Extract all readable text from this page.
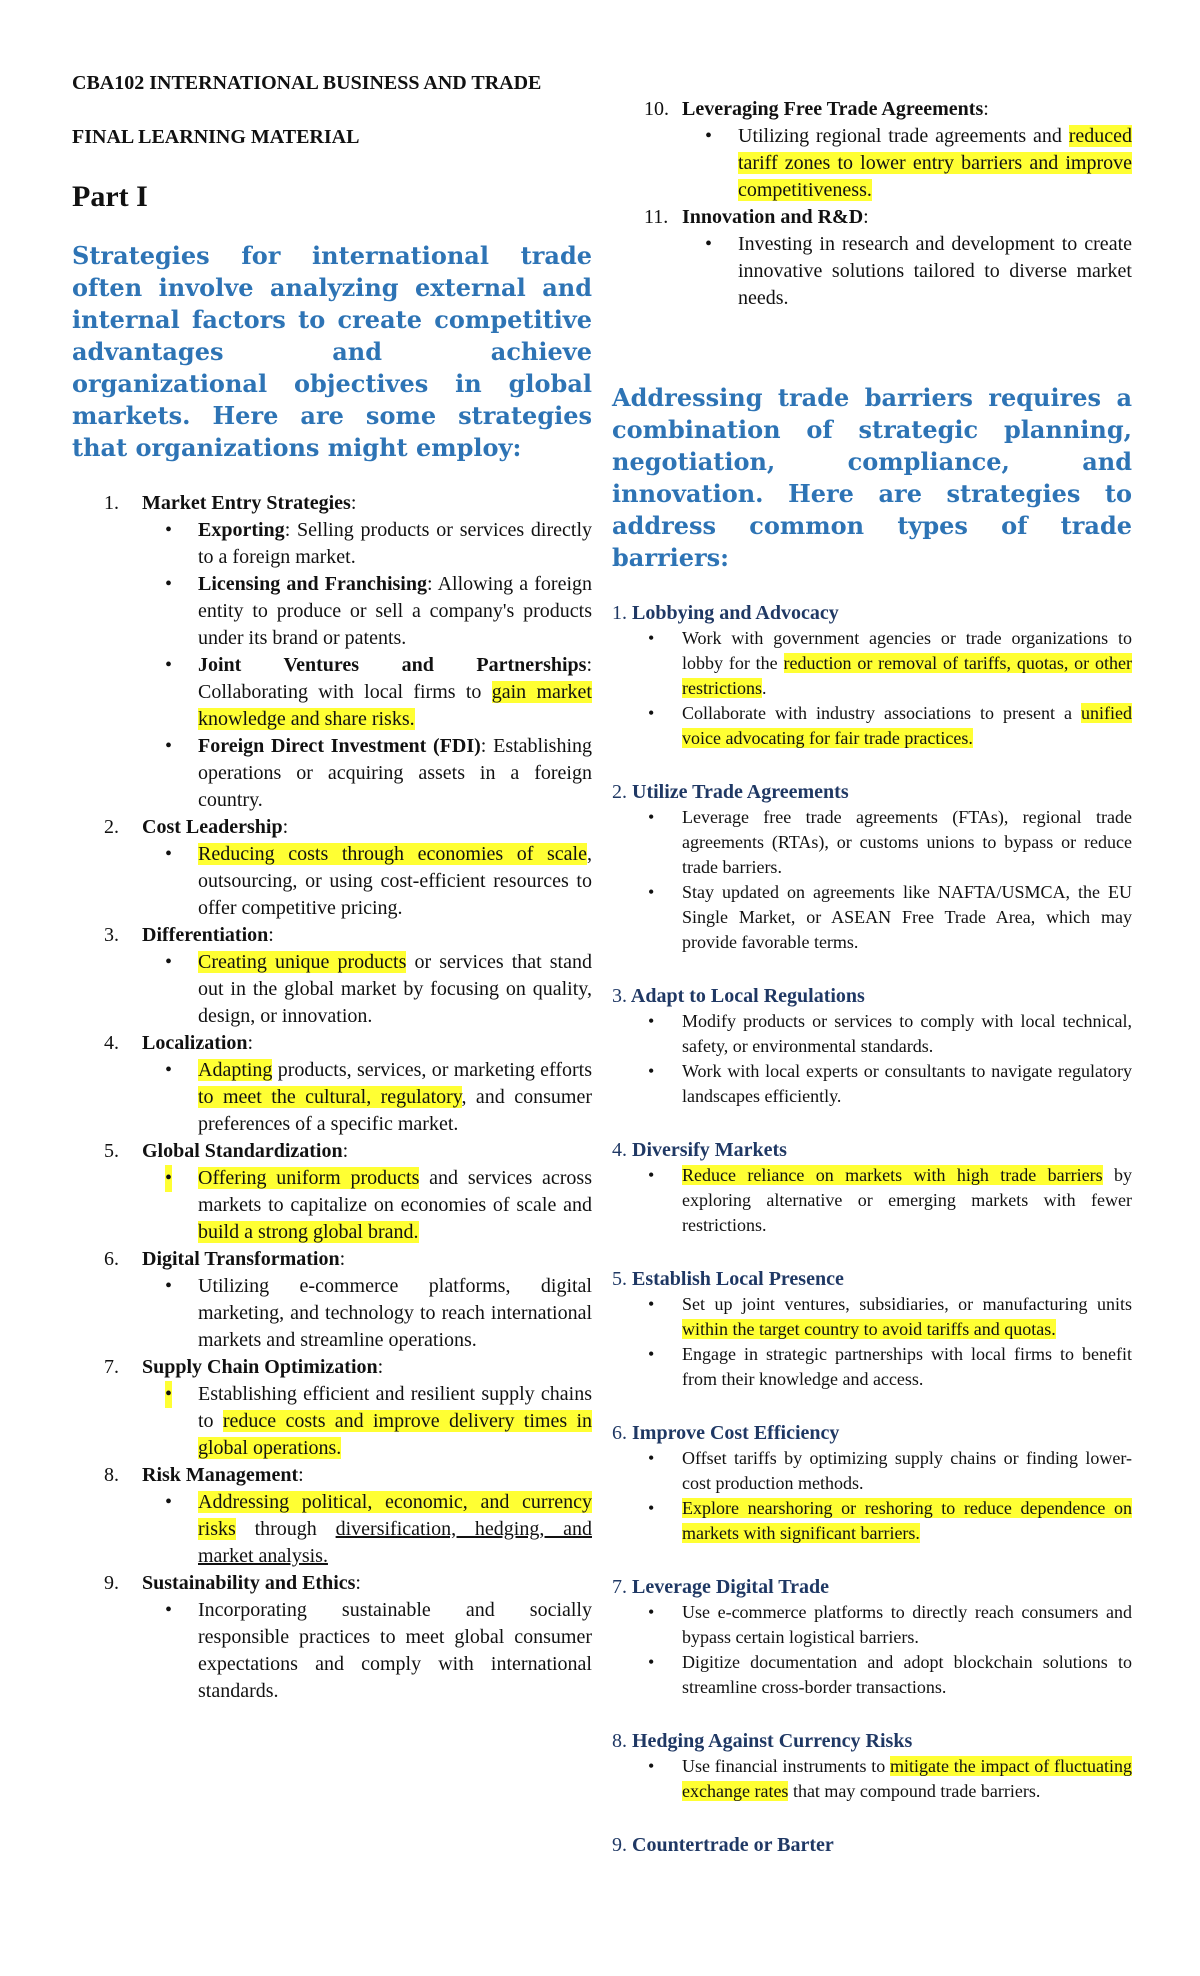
CBA102 INTERNATIONAL BUSINESS AND TRADE

FINAL LEARNING MATERIAL

Part I

Strategies for international trade often involve analyzing external and internal factors to create competitive advantages and achieve organizational objectives in global markets. Here are some strategies that organizations might employ:

1. Market Entry Strategies:
• Exporting: Selling products or services directly to a foreign market.
• Licensing and Franchising: Allowing a foreign entity to produce or sell a company's products under its brand or patents.
• Joint Ventures and Partnerships: Collaborating with local firms to gain market knowledge and share risks.
• Foreign Direct Investment (FDI): Establishing operations or acquiring assets in a foreign country.
2. Cost Leadership:
• Reducing costs through economies of scale, outsourcing, or using cost-efficient resources to offer competitive pricing.
3. Differentiation:
• Creating unique products or services that stand out in the global market by focusing on quality, design, or innovation.
4. Localization:
• Adapting products, services, or marketing efforts to meet the cultural, regulatory, and consumer preferences of a specific market.
5. Global Standardization:
• Offering uniform products and services across markets to capitalize on economies of scale and build a strong global brand.
6. Digital Transformation:
• Utilizing e-commerce platforms, digital marketing, and technology to reach international markets and streamline operations.
7. Supply Chain Optimization:
• Establishing efficient and resilient supply chains to reduce costs and improve delivery times in global operations.
8. Risk Management:
• Addressing political, economic, and currency risks through diversification, hedging, and market analysis.
9. Sustainability and Ethics:
• Incorporating sustainable and socially responsible practices to meet global consumer expectations and comply with international standards.
10. Leveraging Free Trade Agreements:
• Utilizing regional trade agreements and reduced tariff zones to lower entry barriers and improve competitiveness.
11. Innovation and R&D:
• Investing in research and development to create innovative solutions tailored to diverse market needs.

Addressing trade barriers requires a combination of strategic planning, negotiation, compliance, and innovation. Here are strategies to address common types of trade barriers:

1. Lobbying and Advocacy

• Work with government agencies or trade organizations to lobby for the reduction or removal of tariffs, quotas, or other restrictions.
• Collaborate with industry associations to present a unified voice advocating for fair trade practices.

2. Utilize Trade Agreements

• Leverage free trade agreements (FTAs), regional trade agreements (RTAs), or customs unions to bypass or reduce trade barriers.
• Stay updated on agreements like NAFTA/USMCA, the EU Single Market, or ASEAN Free Trade Area, which may provide favorable terms.

3. Adapt to Local Regulations

• Modify products or services to comply with local technical, safety, or environmental standards.
• Work with local experts or consultants to navigate regulatory landscapes efficiently.

4. Diversify Markets

• Reduce reliance on markets with high trade barriers by exploring alternative or emerging markets with fewer restrictions.

5. Establish Local Presence

• Set up joint ventures, subsidiaries, or manufacturing units within the target country to avoid tariffs and quotas.
• Engage in strategic partnerships with local firms to benefit from their knowledge and access.

6. Improve Cost Efficiency

• Offset tariffs by optimizing supply chains or finding lower-cost production methods.
• Explore nearshoring or reshoring to reduce dependence on markets with significant barriers.

7. Leverage Digital Trade

• Use e-commerce platforms to directly reach consumers and bypass certain logistical barriers.
• Digitize documentation and adopt blockchain solutions to streamline cross-border transactions.

8. Hedging Against Currency Risks

• Use financial instruments to mitigate the impact of fluctuating exchange rates that may compound trade barriers.

9. Countertrade or Barter
